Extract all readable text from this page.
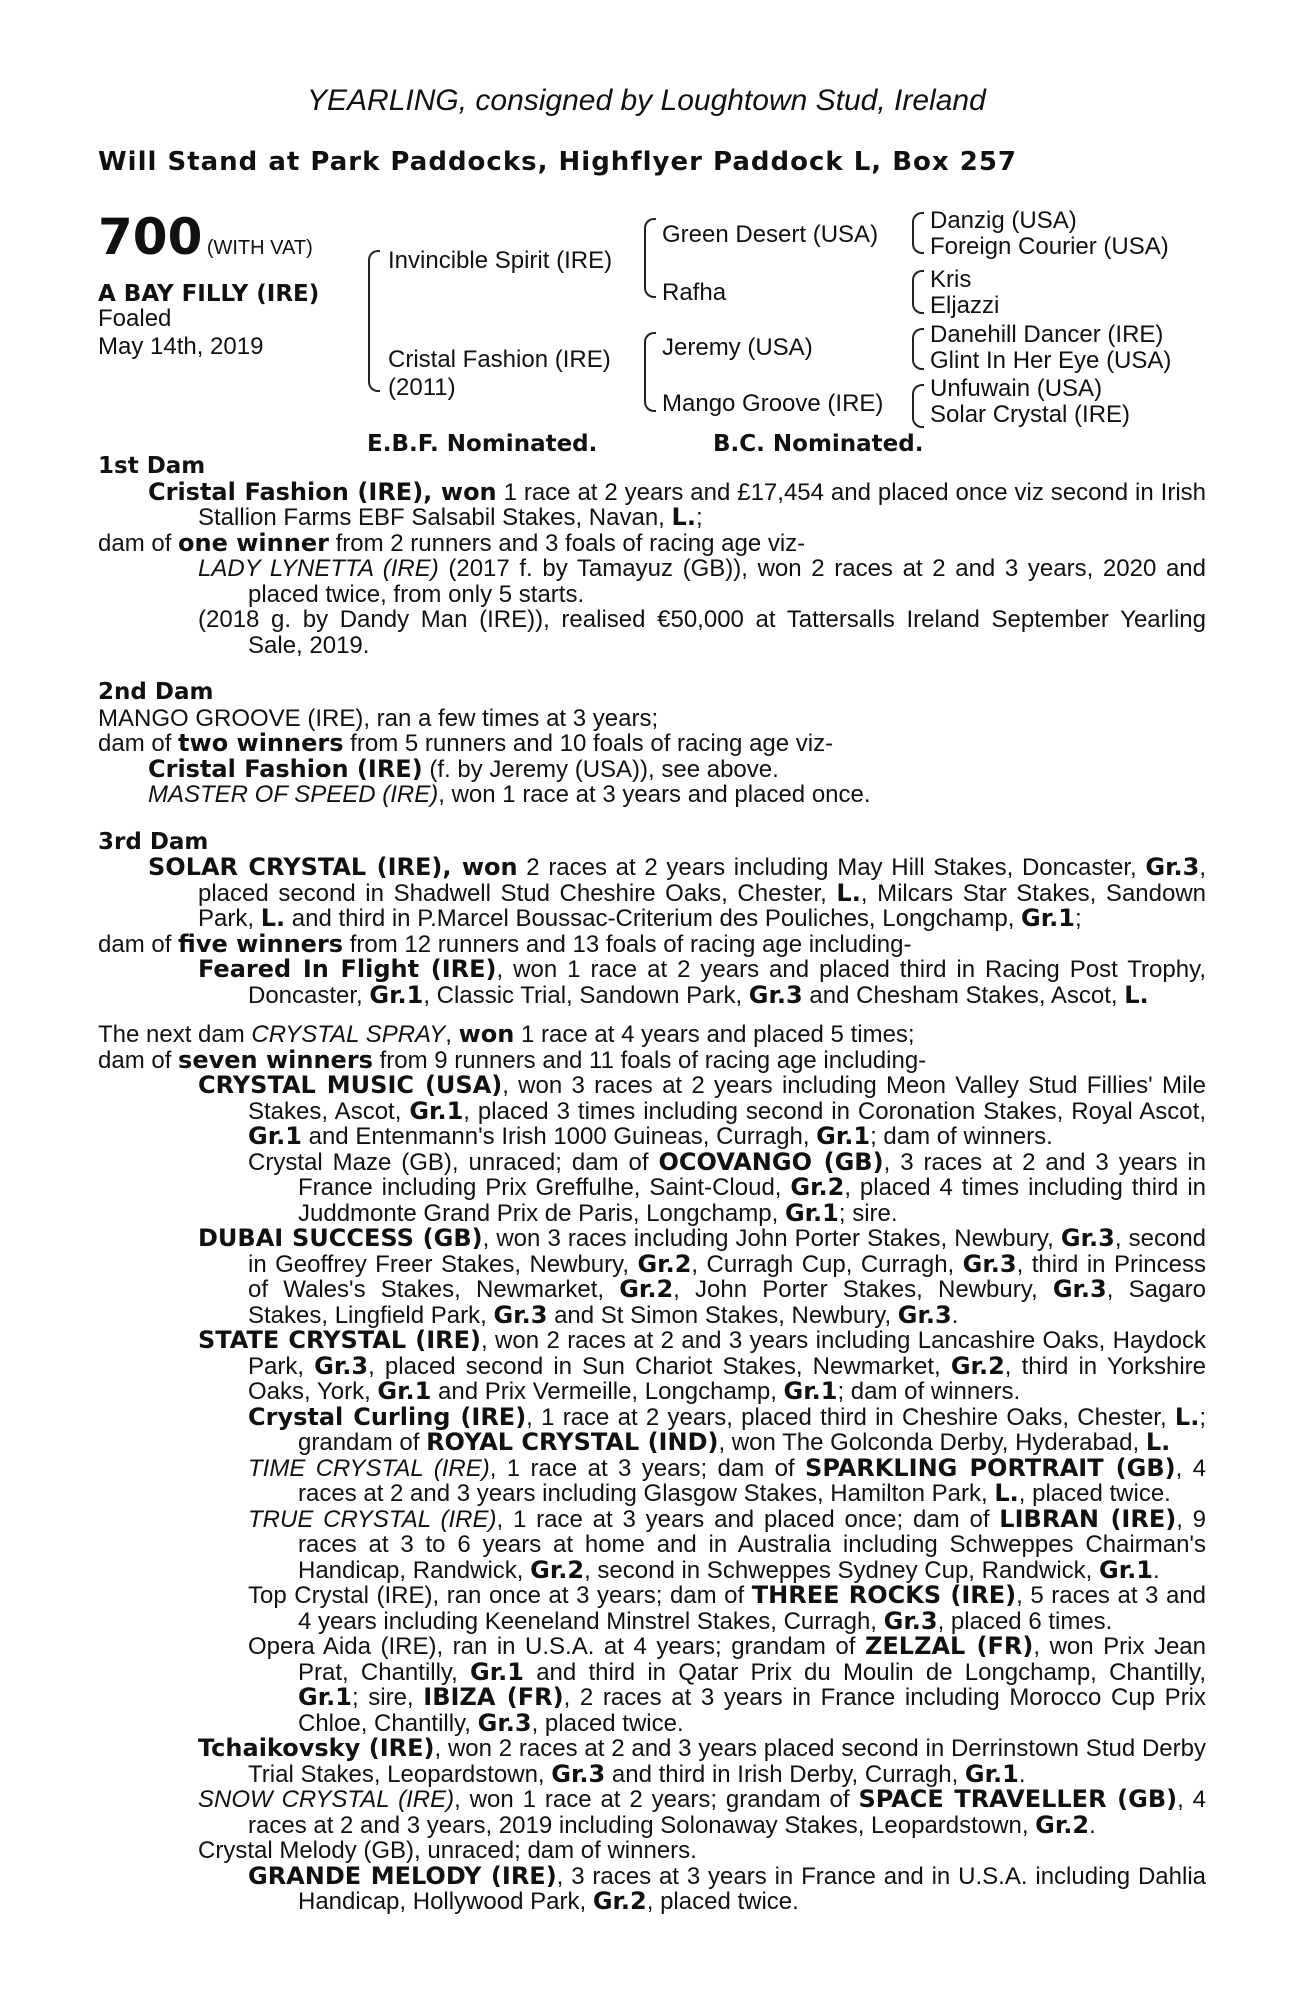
YEARLING, consigned by Loughtown Stud, Ireland
Will Stand at Park Paddocks, Highflyer Paddock L, Box 257
700 (WITH VAT)
A BAY FILLY (IRE)
Foaled
May 14th, 2019
Invincible Spirit (IRE)
Cristal Fashion (IRE)
(2011)
Green Desert (USA)
Rafha
Jeremy (USA)
Mango Groove (IRE)
Danzig (USA)
Foreign Courier (USA)
Kris
Eljazzi
Danehill Dancer (IRE)
Glint In Her Eye (USA)
Unfuwain (USA)
Solar Crystal (IRE)
E.B.F. Nominated.	B.C. Nominated.

1st Dam

Cristal Fashion (IRE), won 1 race at 2 years and £17,454 and placed once viz second in Irish Stallion Farms EBF Salsabil Stakes, Navan, L.;

dam of one winner from 2 runners and 3 foals of racing age viz-

LADY LYNETTA (IRE) (2017 f. by Tamayuz (GB)), won 2 races at 2 and 3 years, 2020 and placed twice, from only 5 starts.

(2018 g. by Dandy Man (IRE)), realised €50,000 at Tattersalls Ireland September Yearling Sale, 2019.

2nd Dam

MANGO GROOVE (IRE), ran a few times at 3 years;

dam of two winners from 5 runners and 10 foals of racing age viz-

Cristal Fashion (IRE) (f. by Jeremy (USA)), see above.

MASTER OF SPEED (IRE), won 1 race at 3 years and placed once.

3rd Dam

SOLAR CRYSTAL (IRE), won 2 races at 2 years including May Hill Stakes, Doncaster, Gr.3, placed second in Shadwell Stud Cheshire Oaks, Chester, L., Milcars Star Stakes, Sandown Park, L. and third in P.Marcel Boussac-Criterium des Pouliches, Longchamp, Gr.1;

dam of five winners from 12 runners and 13 foals of racing age including-

Feared In Flight (IRE), won 1 race at 2 years and placed third in Racing Post Trophy, Doncaster, Gr.1, Classic Trial, Sandown Park, Gr.3 and Chesham Stakes, Ascot, L.

The next dam CRYSTAL SPRAY, won 1 race at 4 years and placed 5 times;

dam of seven winners from 9 runners and 11 foals of racing age including-

CRYSTAL MUSIC (USA), won 3 races at 2 years including Meon Valley Stud Fillies' Mile Stakes, Ascot, Gr.1, placed 3 times including second in Coronation Stakes, Royal Ascot, Gr.1 and Entenmann's Irish 1000 Guineas, Curragh, Gr.1; dam of winners.

Crystal Maze (GB), unraced; dam of OCOVANGO (GB), 3 races at 2 and 3 years in France including Prix Greffulhe, Saint-Cloud, Gr.2, placed 4 times including third in Juddmonte Grand Prix de Paris, Longchamp, Gr.1; sire.

DUBAI SUCCESS (GB), won 3 races including John Porter Stakes, Newbury, Gr.3, second in Geoffrey Freer Stakes, Newbury, Gr.2, Curragh Cup, Curragh, Gr.3, third in Princess of Wales's Stakes, Newmarket, Gr.2, John Porter Stakes, Newbury, Gr.3, Sagaro Stakes, Lingfield Park, Gr.3 and St Simon Stakes, Newbury, Gr.3.

STATE CRYSTAL (IRE), won 2 races at 2 and 3 years including Lancashire Oaks, Haydock Park, Gr.3, placed second in Sun Chariot Stakes, Newmarket, Gr.2, third in Yorkshire Oaks, York, Gr.1 and Prix Vermeille, Longchamp, Gr.1; dam of winners.

Crystal Curling (IRE), 1 race at 2 years, placed third in Cheshire Oaks, Chester, L.; grandam of ROYAL CRYSTAL (IND), won The Golconda Derby, Hyderabad, L.

TIME CRYSTAL (IRE), 1 race at 3 years; dam of SPARKLING PORTRAIT (GB), 4 races at 2 and 3 years including Glasgow Stakes, Hamilton Park, L., placed twice.

TRUE CRYSTAL (IRE), 1 race at 3 years and placed once; dam of LIBRAN (IRE), 9 races at 3 to 6 years at home and in Australia including Schweppes Chairman's Handicap, Randwick, Gr.2, second in Schweppes Sydney Cup, Randwick, Gr.1.

Top Crystal (IRE), ran once at 3 years; dam of THREE ROCKS (IRE), 5 races at 3 and 4 years including Keeneland Minstrel Stakes, Curragh, Gr.3, placed 6 times.

Opera Aida (IRE), ran in U.S.A. at 4 years; grandam of ZELZAL (FR), won Prix Jean Prat, Chantilly, Gr.1 and third in Qatar Prix du Moulin de Longchamp, Chantilly, Gr.1; sire, IBIZA (FR), 2 races at 3 years in France including Morocco Cup Prix Chloe, Chantilly, Gr.3, placed twice.

Tchaikovsky (IRE), won 2 races at 2 and 3 years placed second in Derrinstown Stud Derby Trial Stakes, Leopardstown, Gr.3 and third in Irish Derby, Curragh, Gr.1.

SNOW CRYSTAL (IRE), won 1 race at 2 years; grandam of SPACE TRAVELLER (GB), 4 races at 2 and 3 years, 2019 including Solonaway Stakes, Leopardstown, Gr.2.

Crystal Melody (GB), unraced; dam of winners.

GRANDE MELODY (IRE), 3 races at 3 years in France and in U.S.A. including Dahlia Handicap, Hollywood Park, Gr.2, placed twice.
